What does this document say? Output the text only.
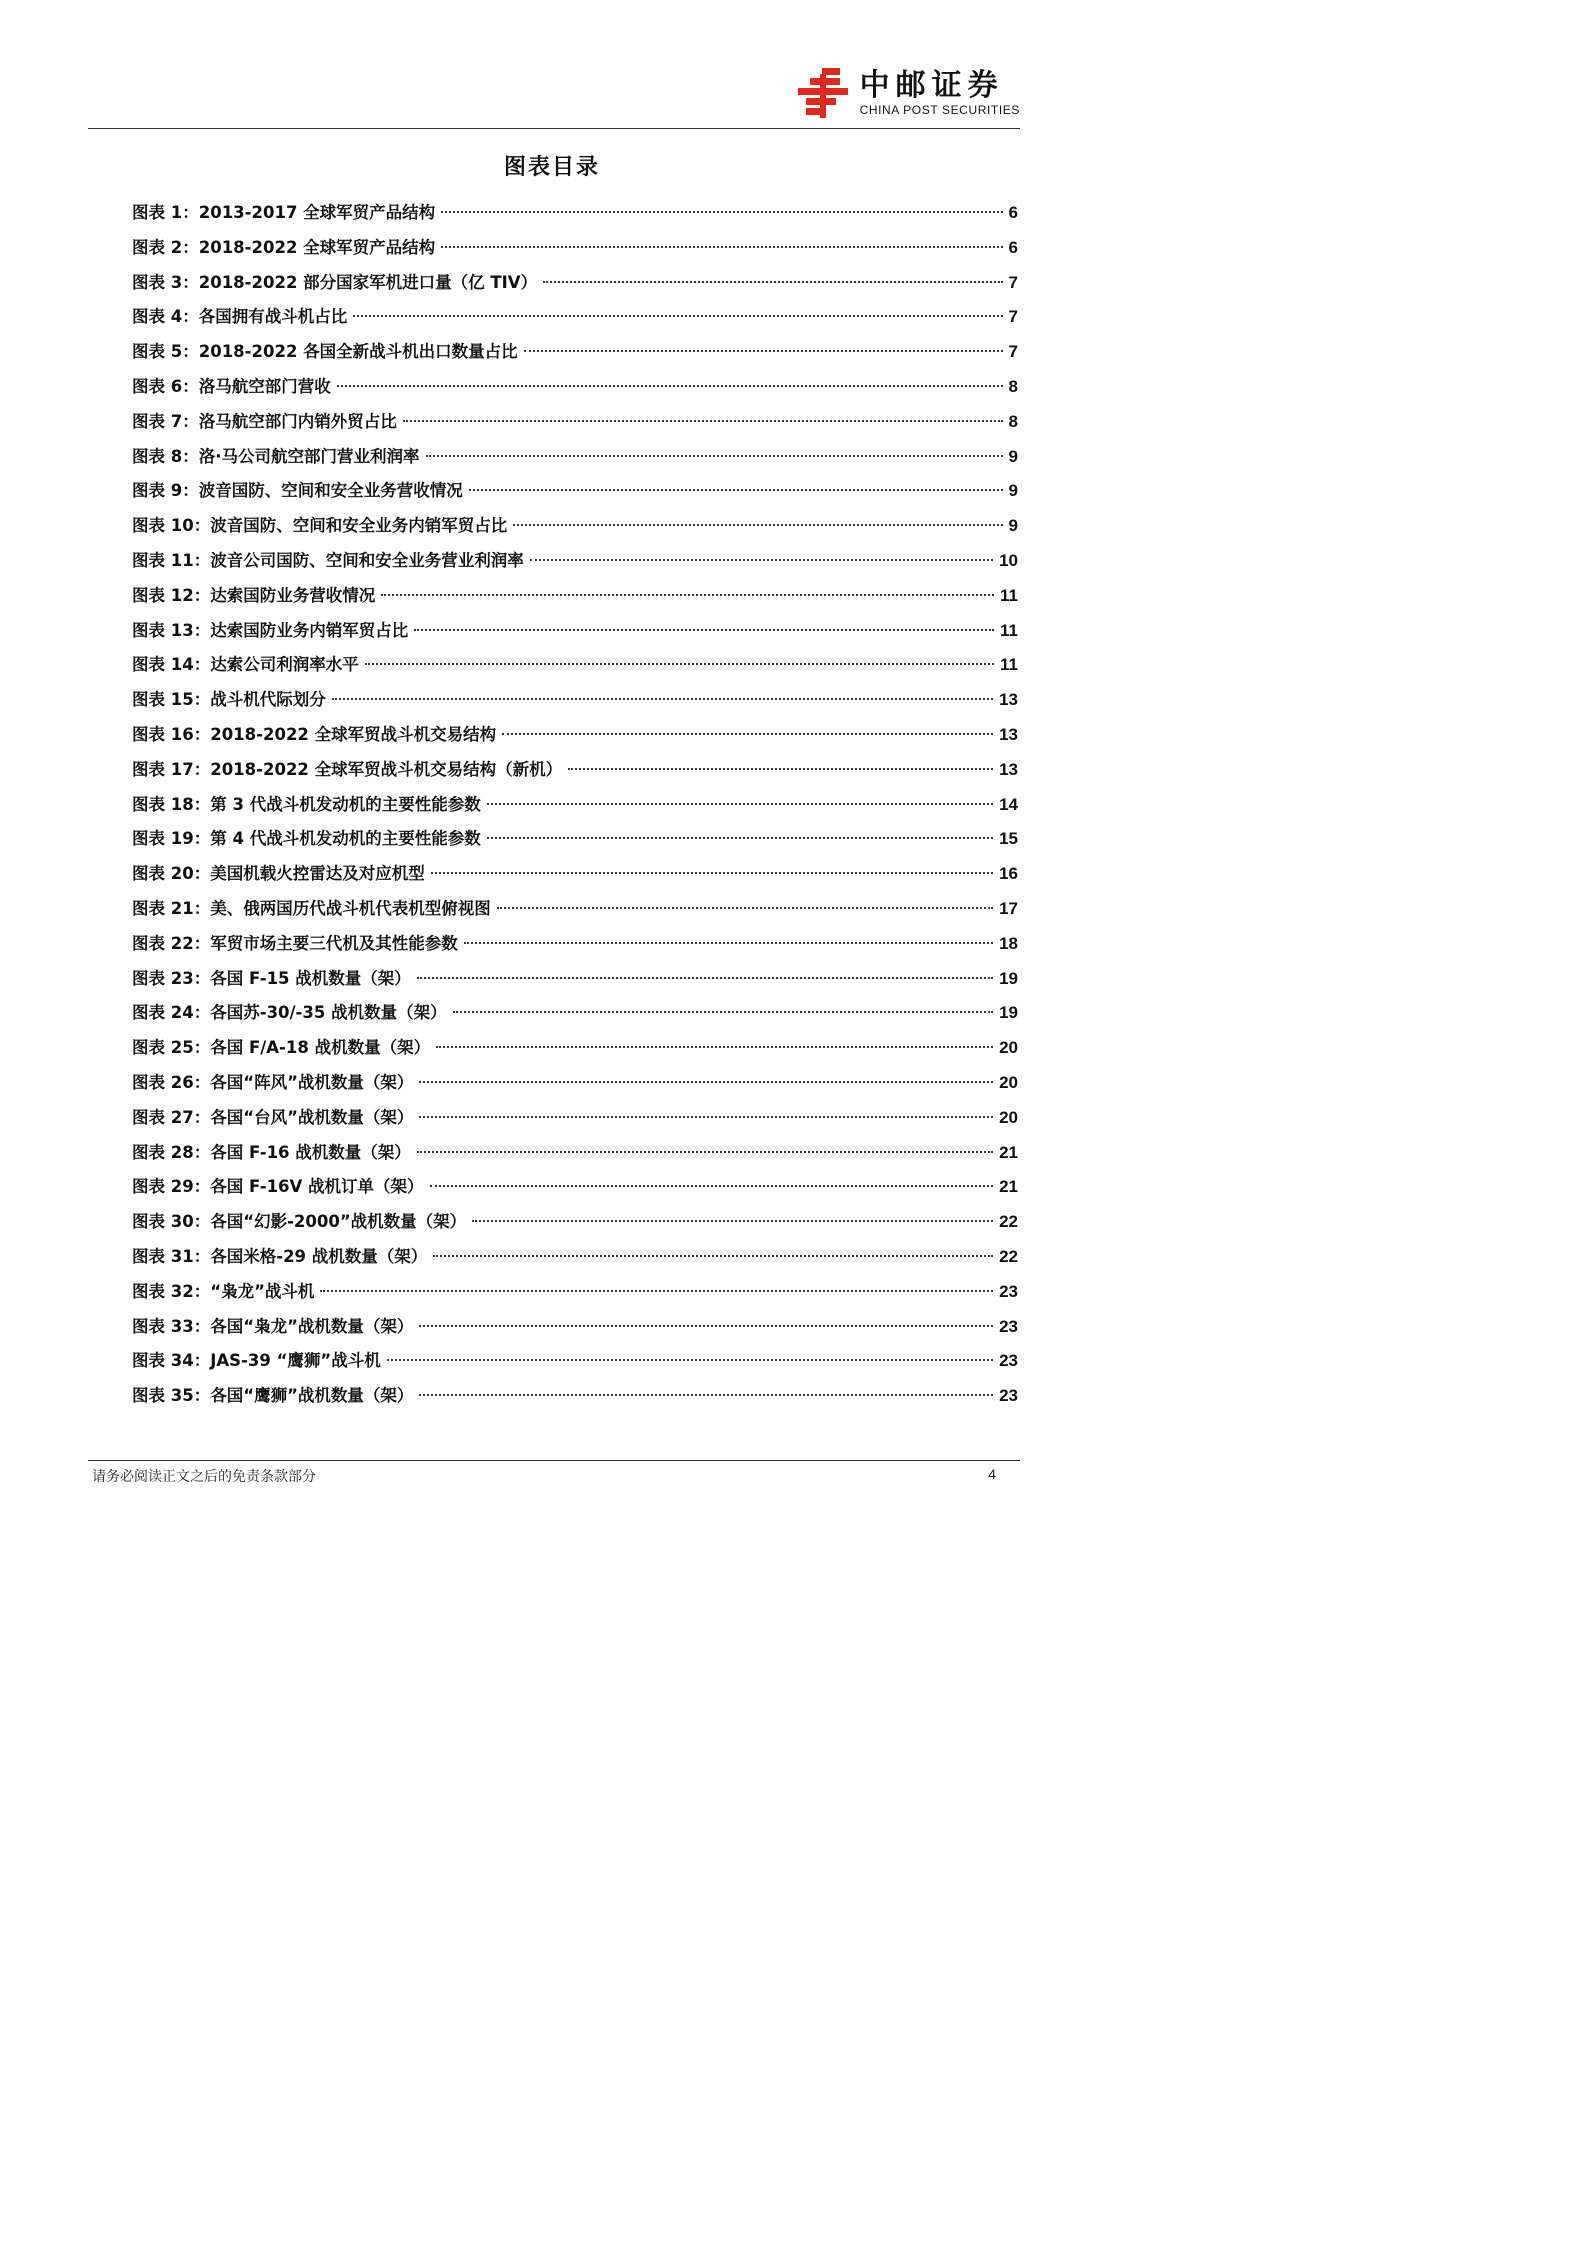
中邮证券
CHINA POST SECURITIES
图表目录
图表 1： 2013-2017 全球军贸产品结构	6
图表 2： 2018-2022 全球军贸产品结构	6
图表 3： 2018-2022 部分国家军机进口量（亿 TIV）	7
图表 4： 各国拥有战斗机占比	7
图表 5： 2018-2022 各国全新战斗机出口数量占比	7
图表 6： 洛马航空部门营收	8
图表 7： 洛马航空部门内销外贸占比	8
图表 8： 洛·马公司航空部门营业利润率	9
图表 9： 波音国防、空间和安全业务营收情况	9
图表 10： 波音国防、空间和安全业务内销军贸占比	9
图表 11： 波音公司国防、空间和安全业务营业利润率	10
图表 12： 达索国防业务营收情况	11
图表 13： 达索国防业务内销军贸占比	11
图表 14： 达索公司利润率水平	11
图表 15： 战斗机代际划分	13
图表 16： 2018-2022 全球军贸战斗机交易结构	13
图表 17： 2018-2022 全球军贸战斗机交易结构（新机）	13
图表 18： 第 3 代战斗机发动机的主要性能参数	14
图表 19： 第 4 代战斗机发动机的主要性能参数	15
图表 20： 美国机载火控雷达及对应机型	16
图表 21： 美、俄两国历代战斗机代表机型俯视图	17
图表 22： 军贸市场主要三代机及其性能参数	18
图表 23： 各国 F-15 战机数量（架）	19
图表 24： 各国苏-30/-35 战机数量（架）	19
图表 25： 各国 F/A-18 战机数量（架）	20
图表 26： 各国“阵风”战机数量（架）	20
图表 27： 各国“台风”战机数量（架）	20
图表 28： 各国 F-16 战机数量（架）	21
图表 29： 各国 F-16V 战机订单（架）	21
图表 30： 各国“幻影-2000”战机数量（架）	22
图表 31： 各国米格-29 战机数量（架）	22
图表 32： “枭龙”战斗机	23
图表 33： 各国“枭龙”战机数量（架）	23
图表 34： JAS-39 “鹰狮”战斗机	23
图表 35： 各国“鹰狮”战机数量（架）	23
请务必阅读正文之后的免责条款部分	4
